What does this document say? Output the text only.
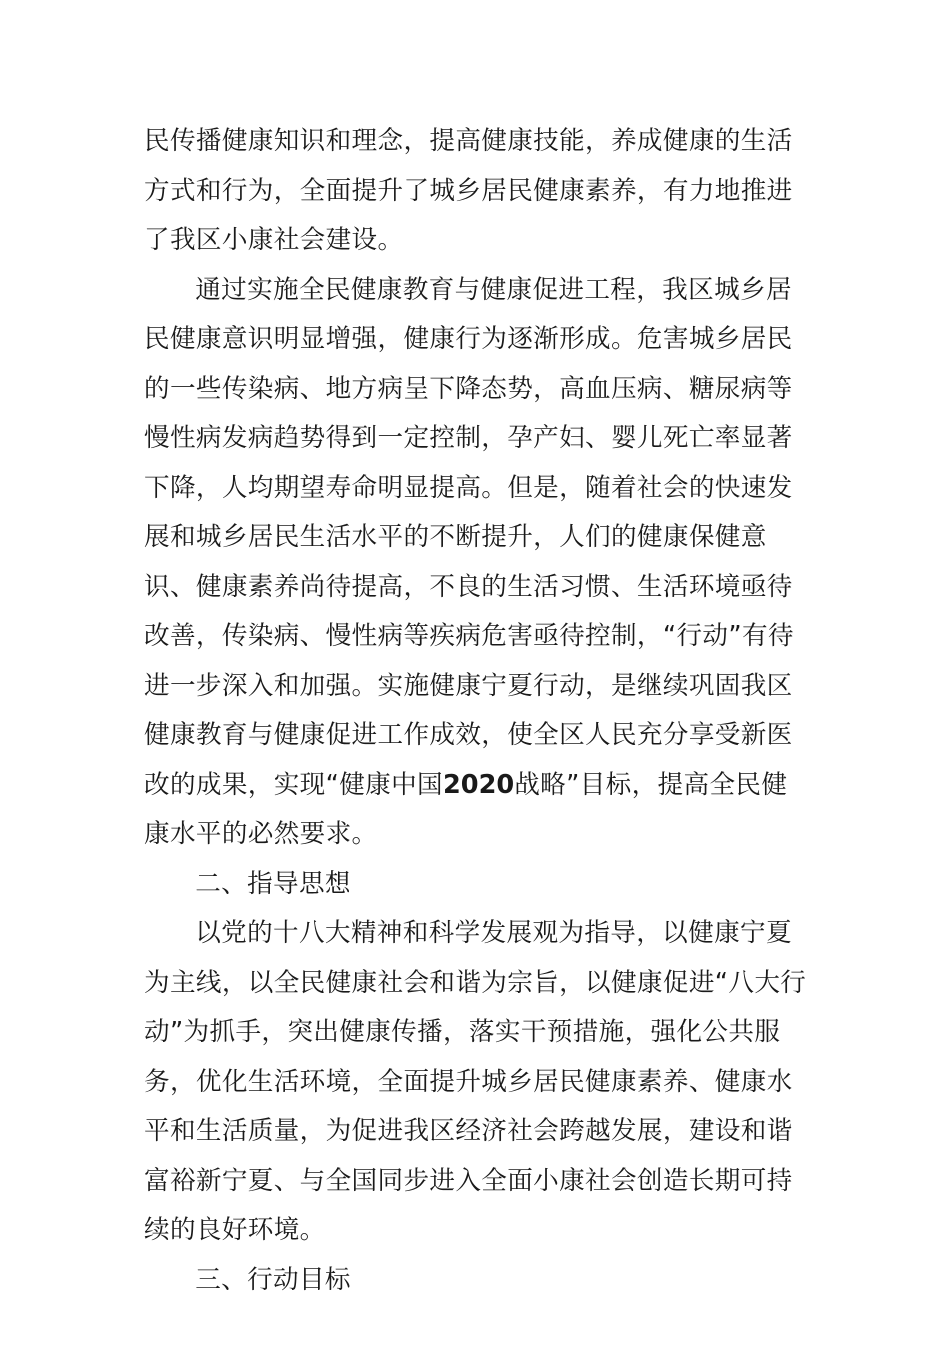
民传播健康知识和理念，提高健康技能，养成健康的生活方式和行为，全面提升了城乡居民健康素养，有力地推进了我区小康社会建设。

通过实施全民健康教育与健康促进工程，我区城乡居民健康意识明显增强，健康行为逐渐形成。危害城乡居民的一些传染病、地方病呈下降态势，高血压病、糖尿病等慢性病发病趋势得到一定控制，孕产妇、婴儿死亡率显著下降，人均期望寿命明显提高。但是，随着社会的快速发展和城乡居民生活水平的不断提升，人们的健康保健意识、健康素养尚待提高，不良的生活习惯、生活环境亟待改善，传染病、慢性病等疾病危害亟待控制，“行动”有待进一步深入和加强。实施健康宁夏行动，是继续巩固我区健康教育与健康促进工作成效，使全区人民充分享受新医改的成果，实现“健康中国2020战略”目标，提高全民健康水平的必然要求。

二、指导思想

以党的十八大精神和科学发展观为指导，以健康宁夏为主线，以全民健康社会和谐为宗旨，以健康促进“八大行动”为抓手，突出健康传播，落实干预措施，强化公共服务，优化生活环境，全面提升城乡居民健康素养、健康水平和生活质量，为促进我区经济社会跨越发展，建设和谐富裕新宁夏、与全国同步进入全面小康社会创造长期可持续的良好环境。

三、行动目标
